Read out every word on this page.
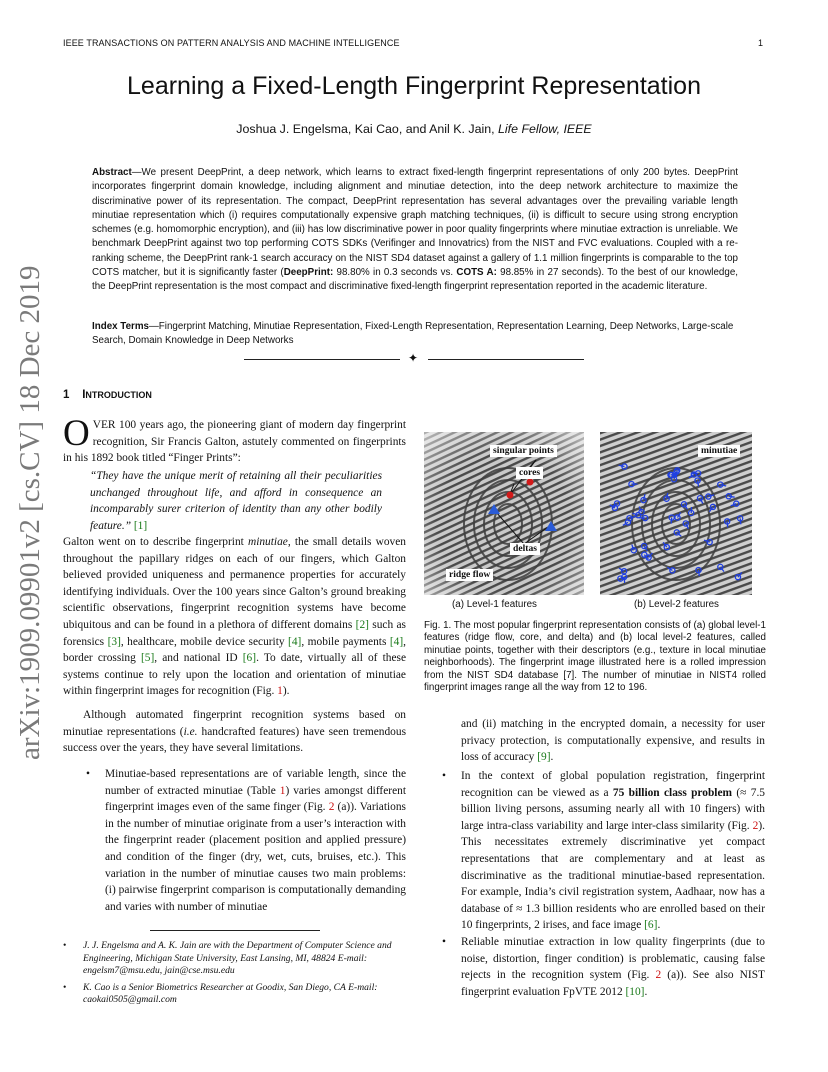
IEEE TRANSACTIONS ON PATTERN ANALYSIS AND MACHINE INTELLIGENCE	1
Learning a Fixed-Length Fingerprint Representation
Joshua J. Engelsma, Kai Cao, and Anil K. Jain, Life Fellow, IEEE
Abstract—We present DeepPrint, a deep network, which learns to extract fixed-length fingerprint representations of only 200 bytes. DeepPrint incorporates fingerprint domain knowledge, including alignment and minutiae detection, into the deep network architecture to maximize the discriminative power of its representation. The compact, DeepPrint representation has several advantages over the prevailing variable length minutiae representation which (i) requires computationally expensive graph matching techniques, (ii) is difficult to secure using strong encryption schemes (e.g. homomorphic encryption), and (iii) has low discriminative power in poor quality fingerprints where minutiae extraction is unreliable. We benchmark DeepPrint against two top performing COTS SDKs (Verifinger and Innovatrics) from the NIST and FVC evaluations. Coupled with a re-ranking scheme, the DeepPrint rank-1 search accuracy on the NIST SD4 dataset against a gallery of 1.1 million fingerprints is comparable to the top COTS matcher, but it is significantly faster (DeepPrint: 98.80% in 0.3 seconds vs. COTS A: 98.85% in 27 seconds). To the best of our knowledge, the DeepPrint representation is the most compact and discriminative fixed-length fingerprint representation reported in the academic literature.
Index Terms—Fingerprint Matching, Minutiae Representation, Fixed-Length Representation, Representation Learning, Deep Networks, Large-scale Search, Domain Knowledge in Deep Networks
✦
arXiv:1909.09901v2 [cs.CV] 18 Dec 2019	1 INTRODUCTION
OVER 100 years ago, the pioneering giant of modern day fingerprint recognition, Sir Francis Galton, astutely commented on fingerprints in his 1892 book titled “Finger Prints”:
“They have the unique merit of retaining all their peculiarities unchanged throughout life, and afford in consequence an incomparably surer criterion of identity than any other bodily feature.” [1]
Galton went on to describe fingerprint minutiae, the small details woven throughout the papillary ridges on each of our fingers, which Galton believed provided uniqueness and permanence properties for accurately identifying individuals. Over the 100 years since Galton’s ground breaking scientific observations, fingerprint recognition systems have become ubiquitous and can be found in a plethora of different domains [2] such as forensics [3], healthcare, mobile device security [4], mobile payments [4], border crossing [5], and national ID [6]. To date, virtually all of these systems continue to rely upon the location and orientation of minutiae within fingerprint images for recognition (Fig. 1).
Although automated fingerprint recognition systems based on minutiae representations (i.e. handcrafted features) have seen tremendous success over the years, they have several limitations.
• Minutiae-based representations are of variable length, since the number of extracted minutiae (Table 1) varies amongst different fingerprint images even of the same finger (Fig. 2 (a)). Variations in the number of minutiae originate from a user’s interaction with the fingerprint reader (placement position and applied pressure) and condition of the finger (dry, wet, cuts, bruises, etc.). This variation in the number of minutiae causes two main problems: (i) pairwise fingerprint comparison is computationally demanding and varies with number of minutiae
• J. J. Engelsma and A. K. Jain are with the Department of Computer Science and Engineering, Michigan State University, East Lansing, MI, 48824 E-mail: engelsm7@msu.edu, jain@cse.msu.edu
• K. Cao is a Senior Biometrics Researcher at Goodix, San Diego, CA E-mail: caokai0505@gmail.com
singular points
cores
deltas
ridge flow
minutiae
(a) Level-1 features	(b) Level-2 features
Fig. 1. The most popular fingerprint representation consists of (a) global level-1 features (ridge flow, core, and delta) and (b) local level-2 features, called minutiae points, together with their descriptors (e.g., texture in local minutiae neighborhoods). The fingerprint image illustrated here is a rolled impression from the NIST SD4 database [7]. The number of minutiae in NIST4 rolled fingerprint images range all the way from 12 to 196.
and (ii) matching in the encrypted domain, a necessity for user privacy protection, is computationally expensive, and results in loss of accuracy [9].
• In the context of global population registration, fingerprint recognition can be viewed as a 75 billion class problem (≈ 7.5 billion living persons, assuming nearly all with 10 fingers) with large intra-class variability and large inter-class similarity (Fig. 2). This necessitates extremely discriminative yet compact representations that are complementary and at least as discriminative as the traditional minutiae-based representation. For example, India’s civil registration system, Aadhaar, now has a database of ≈ 1.3 billion residents who are enrolled based on their 10 fingerprints, 2 irises, and face image [6].
• Reliable minutiae extraction in low quality fingerprints (due to noise, distortion, finger condition) is problematic, causing false rejects in the recognition system (Fig. 2 (a)). See also NIST fingerprint evaluation FpVTE 2012 [10].
